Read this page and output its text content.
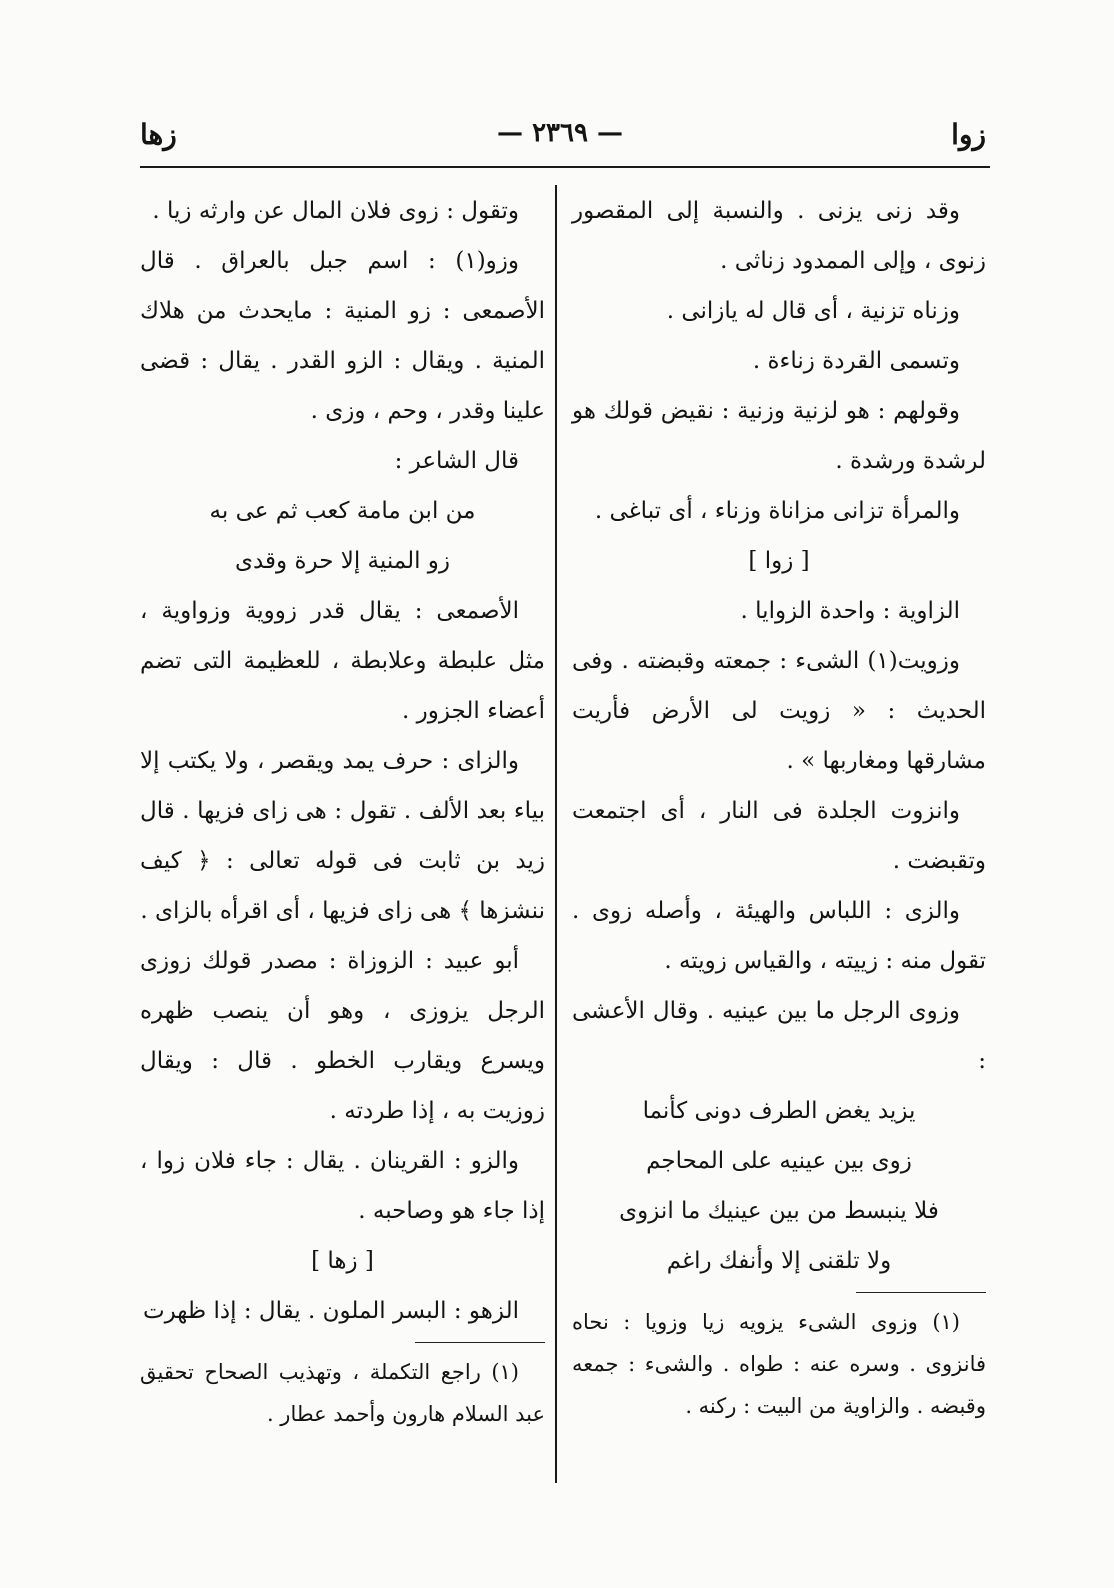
زوا
— ٢٣٦٩ —
زها

وقد زنى يزنى . والنسبة إلى المقصور زنوى ، وإلى الممدود زناثى .

وزناه تزنية ، أى قال له يازانى .

وتسمى القردة زناءة .

وقولهم : هو لزنية وزنية : نقيض قولك هو لرشدة ورشدة .

والمرأة تزانى مزاناة وزناء ، أى تباغى .

[ زوا ]

الزاوية : واحدة الزوايا .

وزويت(١) الشىء : جمعته وقبضته . وفى الحديث : « زويت لى الأرض فأريت مشارقها ومغاربها » .

وانزوت الجلدة فى النار ، أى اجتمعت وتقبضت .

والزى : اللباس والهيئة ، وأصله زوى . تقول منه : زييته ، والقياس زويته .

وزوى الرجل ما بين عينيه . وقال الأعشى :

يزيد يغض الطرف دونى كأنما

زوى بين عينيه على المحاجم

فلا ينبسط من بين عينيك ما انزوى

ولا تلقنى إلا وأنفك راغم

(١) وزوى الشىء يزويه زيا وزويا : نحاه فانزوى . وسره عنه : طواه . والشىء : جمعه وقبضه . والزاوية من البيت : ركنه .

وتقول : زوى فلان المال عن وارثه زيا .

وزو(١) : اسم جبل بالعراق . قال الأصمعى : زو المنية : مايحدث من هلاك المنية . ويقال : الزو القدر . يقال : قضى علينا وقدر ، وحم ، وزى .

قال الشاعر :

من ابن مامة كعب ثم عى به

زو المنية إلا حرة وقدى

الأصمعى : يقال قدر زووية وزواوية ، مثل علبطة وعلابطة ، للعظيمة التى تضم أعضاء الجزور .

والزاى : حرف يمد ويقصر ، ولا يكتب إلا بياء بعد الألف . تقول : هى زاى فزيها . قال زيد بن ثابت فى قوله تعالى : ﴿ كيف ننشزها ﴾ هى زاى فزيها ، أى اقرأه بالزاى .

أبو عبيد : الزوزاة : مصدر قولك زوزى الرجل يزوزى ، وهو أن ينصب ظهره ويسرع ويقارب الخطو . قال : ويقال زوزيت به ، إذا طردته .

والزو : القرينان . يقال : جاء فلان زوا ، إذا جاء هو وصاحبه .

[ زها ]

الزهو : البسر الملون . يقال : إذا ظهرت

(١) راجع التكملة ، وتهذيب الصحاح تحقيق عبد السلام هارون وأحمد عطار .
